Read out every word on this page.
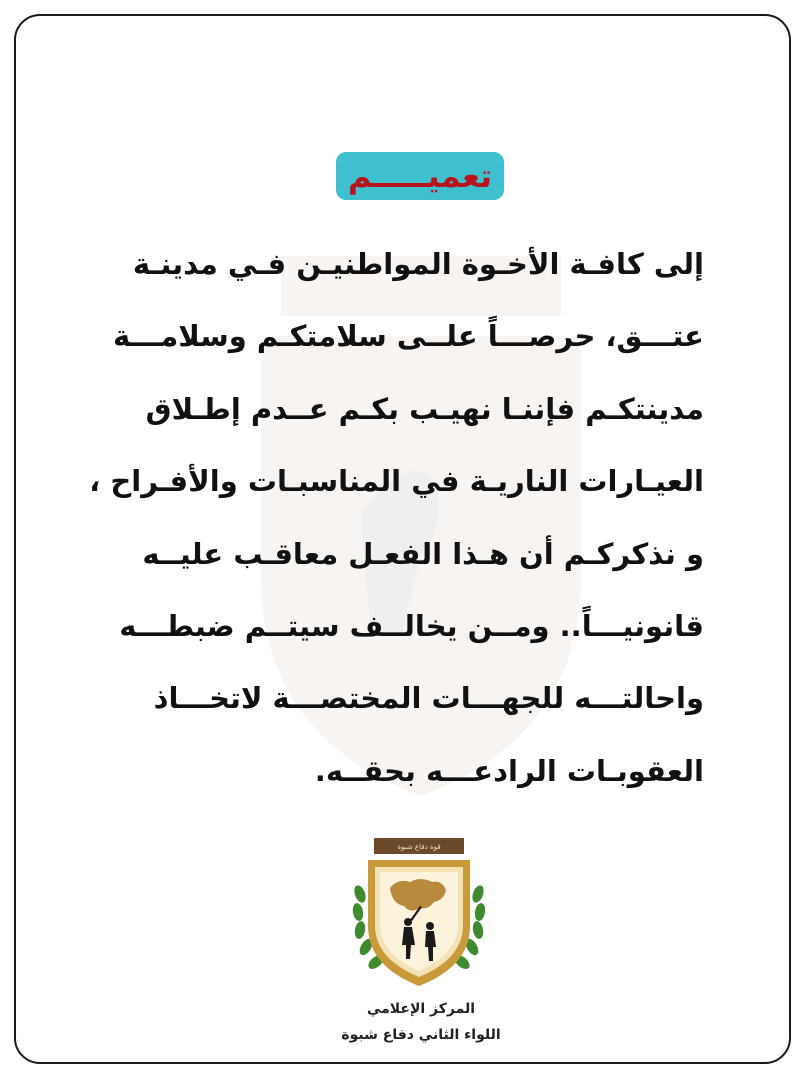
تعميـــــم
إلى كافـة الأخـوة المواطنيـن فـي مدينـة
عتـــق، حرصـــاً علــى سلامتكـم وسلامـــة
مدينتكـم فإننـا نهيـب بكـم عــدم إطـلاق
العيـارات الناريـة في المناسبـات والأفـراح ،
و نذكركـم أن هـذا الفعـل معاقـب عليــه
قانونيـــاً.. ومــن يخالــف سيتــم ضبطـــه
واحالتـــه للجهـــات المختصـــة لاتخـــاذ
العقوبـات الرادعـــه بحقــه.
قوة دفاع شبوة
المركز الإعلامي
اللواء الثاني دفاع شبوة
